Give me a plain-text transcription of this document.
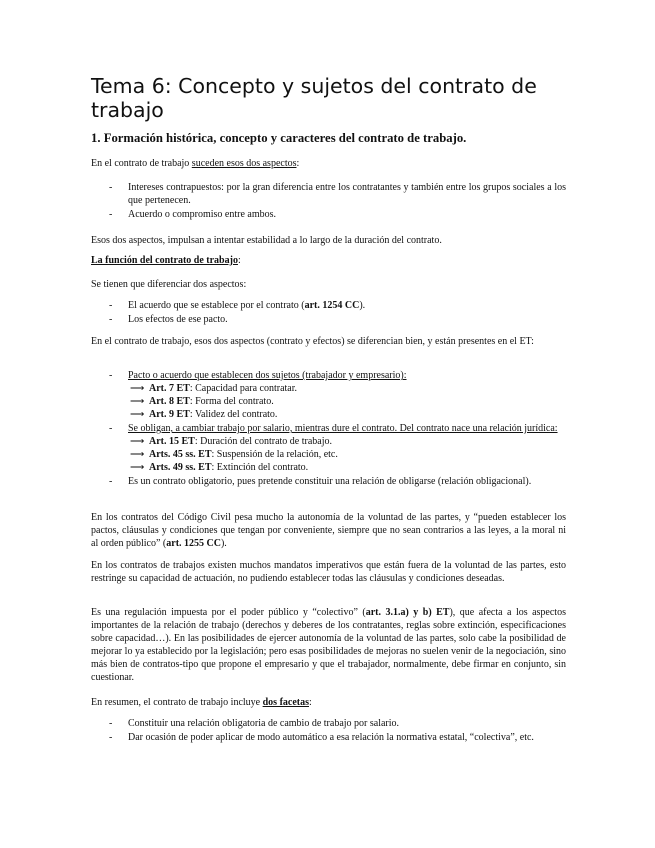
Tema 6: Concepto y sujetos del contrato de trabajo
1. Formación histórica, concepto y caracteres del contrato de trabajo.

En el contrato de trabajo suceden esos dos aspectos:

- Intereses contrapuestos: por la gran diferencia entre los contratantes y también entre los grupos sociales a los que pertenecen.
- Acuerdo o compromiso entre ambos.

Esos dos aspectos, impulsan a intentar estabilidad a lo largo de la duración del contrato.

La función del contrato de trabajo:

Se tienen que diferenciar dos aspectos:

- El acuerdo que se establece por el contrato (art. 1254 CC).
- Los efectos de ese pacto.

En el contrato de trabajo, esos dos aspectos (contrato y efectos) se diferencian bien, y están presentes en el ET:

- Pacto o acuerdo que establecen dos sujetos (trabajador y empresario):
⟶ Art. 7 ET: Capacidad para contratar.
⟶ Art. 8 ET: Forma del contrato.
⟶ Art. 9 ET: Validez del contrato.
- Se obligan, a cambiar trabajo por salario, mientras dure el contrato. Del contrato nace una relación jurídica:
⟶ Art. 15 ET: Duración del contrato de trabajo.
⟶ Arts. 45 ss. ET: Suspensión de la relación, etc.
⟶ Arts. 49 ss. ET: Extinción del contrato.
- Es un contrato obligatorio, pues pretende constituir una relación de obligarse (relación obligacional).

En los contratos del Código Civil pesa mucho la autonomía de la voluntad de las partes, y “pueden establecer los pactos, cláusulas y condiciones que tengan por conveniente, siempre que no sean contrarios a las leyes, a la moral ni al orden público” (art. 1255 CC).

En los contratos de trabajos existen muchos mandatos imperativos que están fuera de la voluntad de las partes, esto restringe su capacidad de actuación, no pudiendo establecer todas las cláusulas y condiciones deseadas.

Es una regulación impuesta por el poder público y “colectivo” (art. 3.1.a) y b) ET), que afecta a los aspectos importantes de la relación de trabajo (derechos y deberes de los contratantes, reglas sobre extinción, especificaciones sobre capacidad…). En las posibilidades de ejercer autonomía de la voluntad de las partes, solo cabe la posibilidad de mejorar lo ya establecido por la legislación; pero esas posibilidades de mejoras no suelen venir de la negociación, sino más bien de contratos-tipo que propone el empresario y que el trabajador, normalmente, debe firmar en conjunto, sin cuestionar.

En resumen, el contrato de trabajo incluye dos facetas:

- Constituir una relación obligatoria de cambio de trabajo por salario.
- Dar ocasión de poder aplicar de modo automático a esa relación la normativa estatal, “colectiva”, etc.
